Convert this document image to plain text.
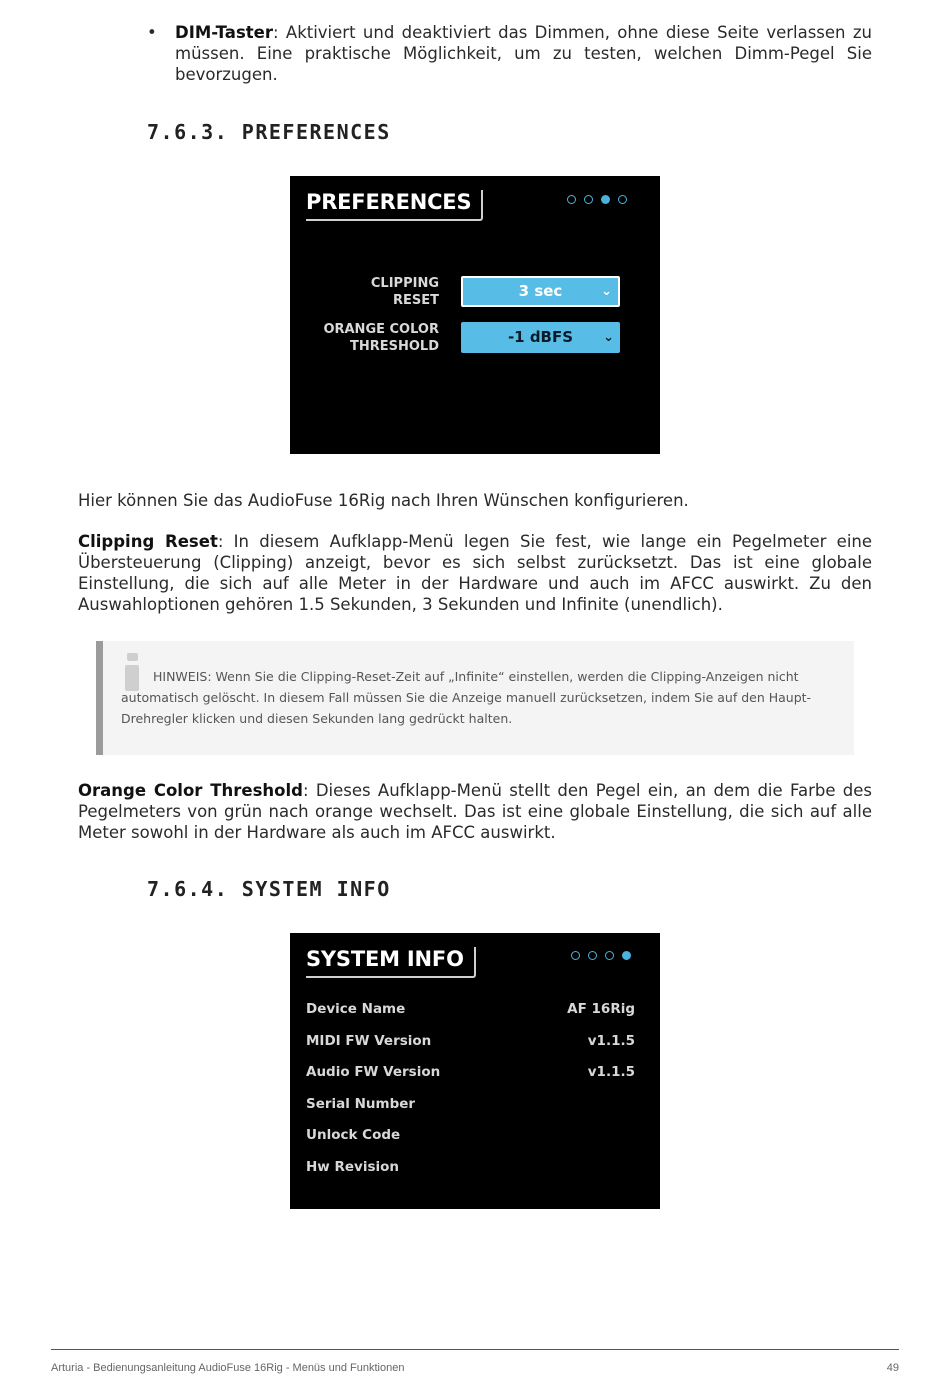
• DIM-Taster: Aktiviert und deaktiviert das Dimmen, ohne diese Seite verlassen zu müssen. Eine praktische Möglichkeit, um zu testen, welchen Dimm-Pegel Sie bevorzugen.
7.6.3. PREFERENCES
PREFERENCES
CLIPPING
RESET
3 sec	⌄
ORANGE COLOR
THRESHOLD
-1 dBFS ⌄
Hier können Sie das AudioFuse 16Rig nach Ihren Wünschen konfigurieren.
Clipping Reset: In diesem Aufklapp-Menü legen Sie fest, wie lange ein Pegelmeter eine Übersteuerung (Clipping) anzeigt, bevor es sich selbst zurücksetzt. Das ist eine globale Einstellung, die sich auf alle Meter in der Hardware und auch im AFCC auswirkt. Zu den Auswahloptionen gehören 1.5 Sekunden, 3 Sekunden und Infinite (unendlich).
HINWEIS: Wenn Sie die Clipping-Reset-Zeit auf „Infinite“ einstellen, werden die Clipping-Anzeigen nicht automatisch gelöscht. In diesem Fall müssen Sie die Anzeige manuell zurücksetzen, indem Sie auf den Haupt-Drehregler klicken und diesen Sekunden lang gedrückt halten.
Orange Color Threshold: Dieses Aufklapp-Menü stellt den Pegel ein, an dem die Farbe des Pegelmeters von grün nach orange wechselt. Das ist eine globale Einstellung, die sich auf alle Meter sowohl in der Hardware als auch im AFCC auswirkt.
7.6.4. SYSTEM INFO
SYSTEM INFO
Device Name	AF 16Rig
MIDI FW Version	v1.1.5
Audio FW Version	v1.1.5
Serial Number
Unlock Code
Hw Revision
Arturia - Bedienungsanleitung AudioFuse 16Rig - Menüs und Funktionen	49
